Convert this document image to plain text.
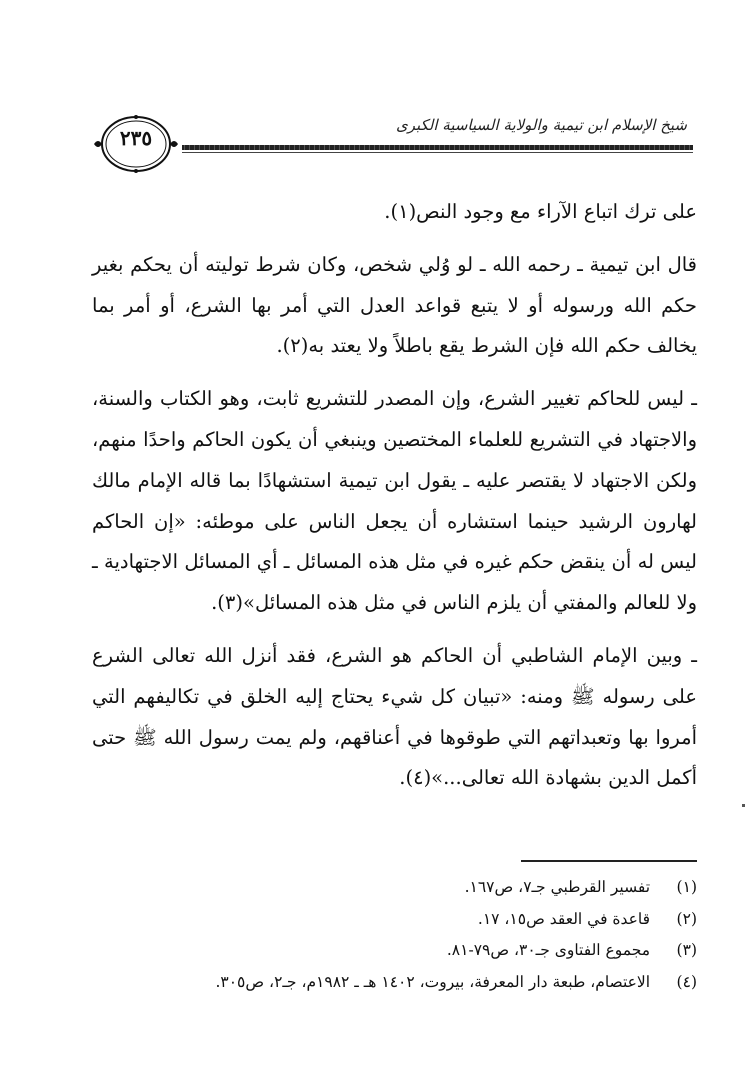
شيخ الإسلام ابن تيمية والولاية السياسية الكبرى
٢٣٥

على ترك اتباع الآراء مع وجود النص(١).

قال ابن تيمية ـ رحمه الله ـ لو وُلي شخص، وكان شرط توليته أن يحكم بغير حكم الله ورسوله أو لا يتبع قواعد العدل التي أمر بها الشرع، أو أمر بما يخالف حكم الله فإن الشرط يقع باطلاً ولا يعتد به(٢).

ـ ليس للحاكم تغيير الشرع، وإن المصدر للتشريع ثابت، وهو الكتاب والسنة، والاجتهاد في التشريع للعلماء المختصين وينبغي أن يكون الحاكم واحدًا منهم، ولكن الاجتهاد لا يقتصر عليه ـ يقول ابن تيمية استشهادًا بما قاله الإمام مالك لهارون الرشيد حينما استشاره أن يجعل الناس على موطئه: «إن الحاكم ليس له أن ينقض حكم غيره في مثل هذه المسائل ـ أي المسائل الاجتهادية ـ ولا للعالم والمفتي أن يلزم الناس في مثل هذه المسائل»(٣).

ـ وبين الإمام الشاطبي أن الحاكم هو الشرع، فقد أنزل الله تعالى الشرع على رسوله ﷺ ومنه: «تبيان كل شيء يحتاج إليه الخلق في تكاليفهم التي أمروا بها وتعبداتهم التي طوقوها في أعناقهم، ولم يمت رسول الله ﷺ حتى أكمل الدين بشهادة الله تعالى...»(٤).

(١) تفسير القرطبي جـ٧، ص١٦٧.
(٢) قاعدة في العقد ص١٥، ١٧.
(٣) مجموع الفتاوى جـ٣٠، ص٧٩-٨١.
(٤) الاعتصام، طبعة دار المعرفة، بيروت، ١٤٠٢ هـ ـ ١٩٨٢م، جـ٢، ص٣٠٥.
